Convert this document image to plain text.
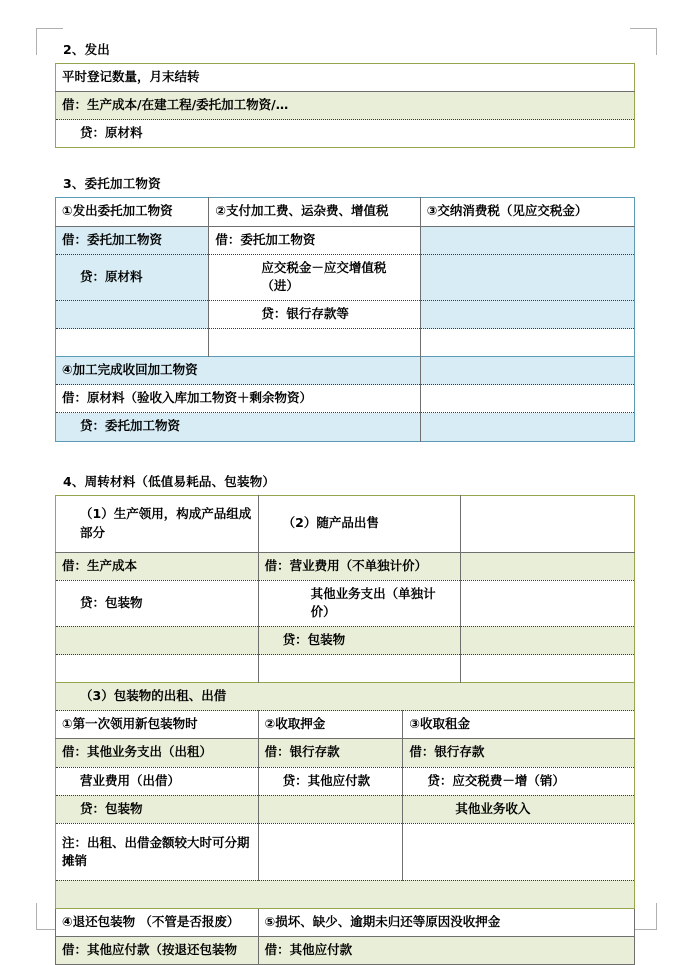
2、发出
平时登记数量，月末结转
借：生产成本/在建工程/委托加工物资/…
贷：原材料
3、委托加工物资
①发出委托加工物资	②支付加工费、运杂费、增值税	③交纳消费税（见应交税金）
借：委托加工物资	借：委托加工物资	
贷：原材料	应交税金－应交增值税（进）	
	贷：银行存款等	

④加工完成收回加工物资	
借：原材料（验收入库加工物资＋剩余物资）	
贷：委托加工物资	
4、周转材料（低值易耗品、包装物）
（1）生产领用，构成产品组成部分	（2）随产品出售	
借：生产成本	借：营业费用（不单独计价）	
贷：包装物	其他业务支出（单独计价）	
	贷：包装物	

（3）包装物的出租、出借		
①第一次领用新包装物时	②收取押金	③收取租金
借：其他业务支出（出租）	借：银行存款	借：银行存款
营业费用（出借）	贷：其他应付款	贷：应交税费－增（销）
贷：包装物		其他业务收入
注：出租、出借金额较大时可分期摊销		

④退还包装物 （不管是否报废）	⑤损坏、缺少、逾期未归还等原因没收押金
借：其他应付款（按退还包装物	借：其他应付款
